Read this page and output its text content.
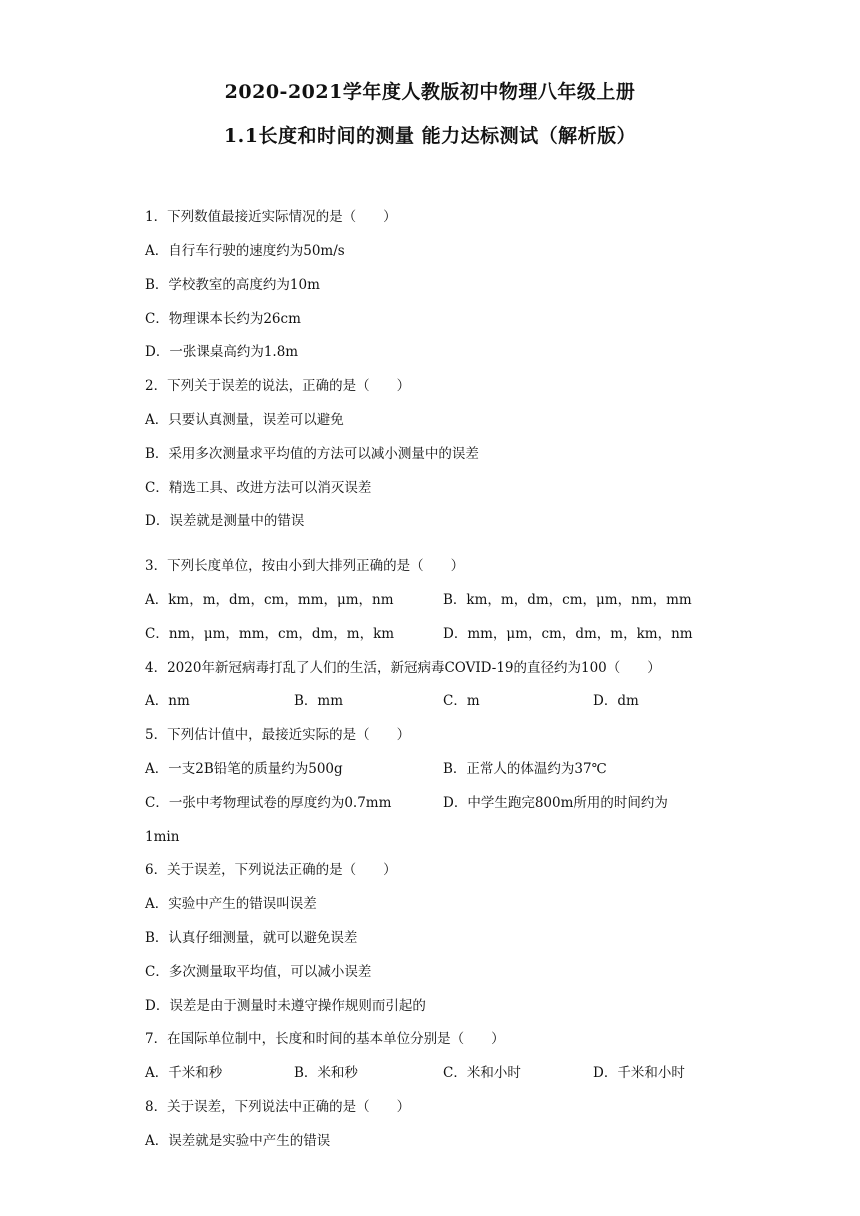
2020-2021学年度人教版初中物理八年级上册
1.1长度和时间的测量 能力达标测试（解析版）
1．下列数值最接近实际情况的是（　　）
A．自行车行驶的速度约为50m/s
B．学校教室的高度约为10m
C．物理课本长约为26cm
D．一张课桌高约为1.8m
2．下列关于误差的说法，正确的是（　　）
A．只要认真测量，误差可以避免
B．采用多次测量求平均值的方法可以减小测量中的误差
C．精选工具、改进方法可以消灭误差
D．误差就是测量中的错误
3．下列长度单位，按由小到大排列正确的是（　　）
A．km，m，dm，cm，mm，μm，nm	B．km，m，dm，cm，μm，nm，mm
C．nm，μm，mm，cm，dm，m，km	D．mm，μm，cm，dm，m，km，nm
4．2020年新冠病毒打乱了人们的生活，新冠病毒COVID-19的直径约为100（　　）
A．nm	B．mm	C．m	D．dm
5．下列估计值中，最接近实际的是（　　）
A．一支2B铅笔的质量约为500g	B．正常人的体温约为37℃
C．一张中考物理试卷的厚度约为0.7mm	D．中学生跑完800m所用的时间约为
1min
6．关于误差，下列说法正确的是（　　）
A．实验中产生的错误叫误差
B．认真仔细测量，就可以避免误差
C．多次测量取平均值，可以减小误差
D．误差是由于测量时未遵守操作规则而引起的
7．在国际单位制中，长度和时间的基本单位分别是（　　）
A．千米和秒	B．米和秒	C．米和小时	D．千米和小时
8．关于误差，下列说法中正确的是（　　）
A．误差就是实验中产生的错误
